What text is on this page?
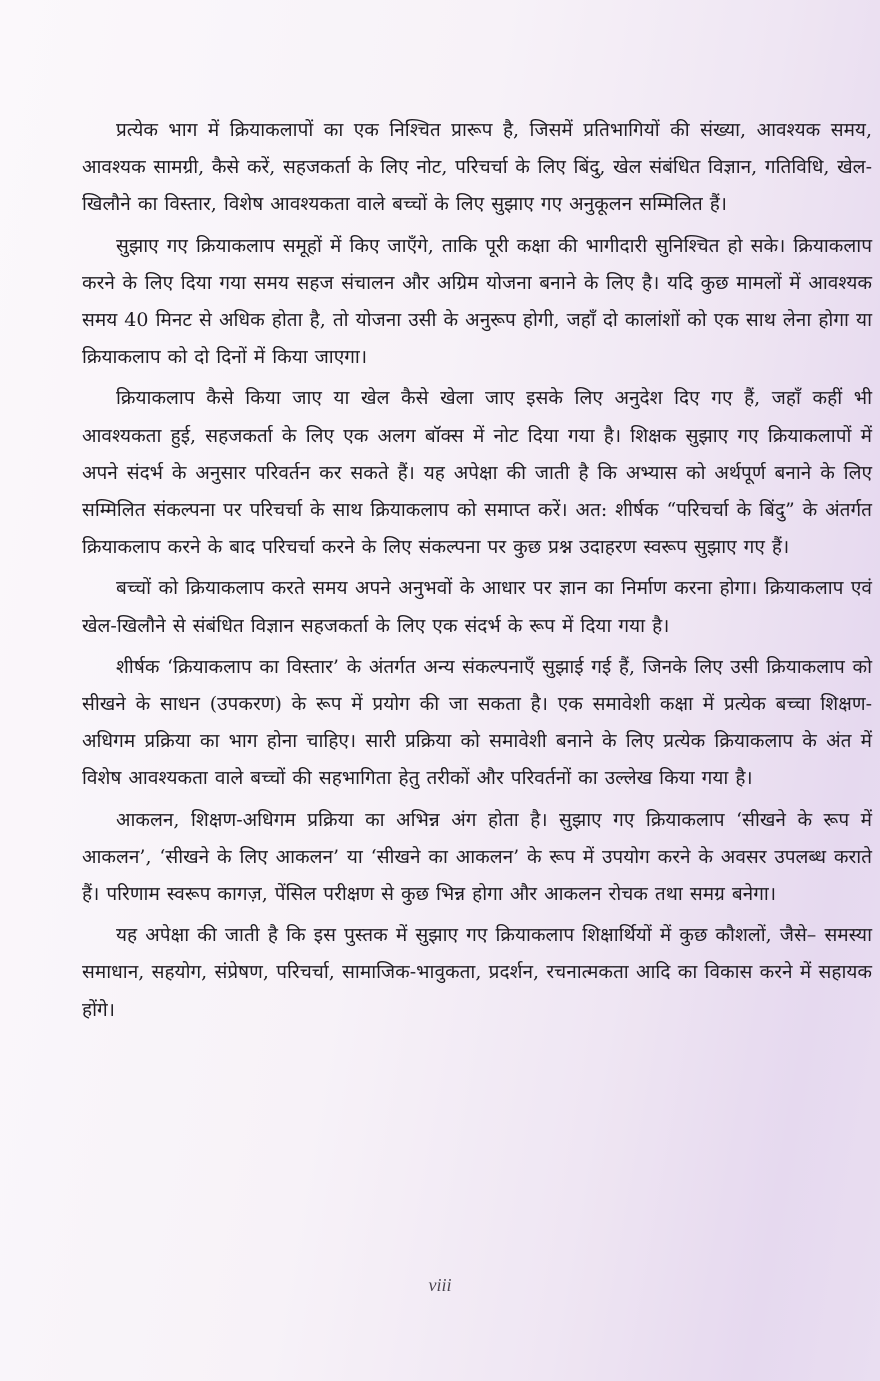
प्रत्येक भाग में क्रियाकलापों का एक निश्चित प्रारूप है, जिसमें प्रतिभागियों की संख्या, आवश्यक समय, आवश्यक सामग्री, कैसे करें, सहजकर्ता के लिए नोट, परिचर्चा के लिए बिंदु, खेल संबंधित विज्ञान, गतिविधि, खेल-खिलौने का विस्तार, विशेष आवश्यकता वाले बच्चों के लिए सुझाए गए अनुकूलन सम्मिलित हैं।

सुझाए गए क्रियाकलाप समूहों में किए जाएँगे, ताकि पूरी कक्षा की भागीदारी सुनिश्चित हो सके। क्रियाकलाप करने के लिए दिया गया समय सहज संचालन और अग्रिम योजना बनाने के लिए है। यदि कुछ मामलों में आवश्यक समय 40 मिनट से अधिक होता है, तो योजना उसी के अनुरूप होगी, जहाँ दो कालांशों को एक साथ लेना होगा या क्रियाकलाप को दो दिनों में किया जाएगा।

क्रियाकलाप कैसे किया जाए या खेल कैसे खेला जाए इसके लिए अनुदेश दिए गए हैं, जहाँ कहीं भी आवश्यकता हुई, सहजकर्ता के लिए एक अलग बॉक्स में नोट दिया गया है। शिक्षक सुझाए गए क्रियाकलापों में अपने संदर्भ के अनुसार परिवर्तन कर सकते हैं। यह अपेक्षा की जाती है कि अभ्यास को अर्थपूर्ण बनाने के लिए सम्मिलित संकल्पना पर परिचर्चा के साथ क्रियाकलाप को समाप्त करें। अत: शीर्षक “परिचर्चा के बिंदु” के अंतर्गत क्रियाकलाप करने के बाद परिचर्चा करने के लिए संकल्पना पर कुछ प्रश्न उदाहरण स्वरूप सुझाए गए हैं।

बच्चों को क्रियाकलाप करते समय अपने अनुभवों के आधार पर ज्ञान का निर्माण करना होगा। क्रियाकलाप एवं खेल-खिलौने से संबंधित विज्ञान सहजकर्ता के लिए एक संदर्भ के रूप में दिया गया है।

शीर्षक ‘क्रियाकलाप का विस्तार’ के अंतर्गत अन्य संकल्पनाएँ सुझाई गई हैं, जिनके लिए उसी क्रियाकलाप को सीखने के साधन (उपकरण) के रूप में प्रयोग की जा सकता है। एक समावेशी कक्षा में प्रत्येक बच्चा शिक्षण-अधिगम प्रक्रिया का भाग होना चाहिए। सारी प्रक्रिया को समावेशी बनाने के लिए प्रत्येक क्रियाकलाप के अंत में विशेष आवश्यकता वाले बच्चों की सहभागिता हेतु तरीकों और परिवर्तनों का उल्लेख किया गया है।

आकलन, शिक्षण-अधिगम प्रक्रिया का अभिन्न अंग होता है। सुझाए गए क्रियाकलाप ‘सीखने के रूप में आकलन’, ‘सीखने के लिए आकलन’ या ‘सीखने का आकलन’ के रूप में उपयोग करने के अवसर उपलब्ध कराते हैं। परिणाम स्वरूप कागज़, पेंसिल परीक्षण से कुछ भिन्न होगा और आकलन रोचक तथा समग्र बनेगा।

यह अपेक्षा की जाती है कि इस पुस्तक में सुझाए गए क्रियाकलाप शिक्षार्थियों में कुछ कौशलों, जैसे– समस्या समाधान, सहयोग, संप्रेषण, परिचर्चा, सामाजिक-भावुकता, प्रदर्शन, रचनात्मकता आदि का विकास करने में सहायक होंगे।

viii
